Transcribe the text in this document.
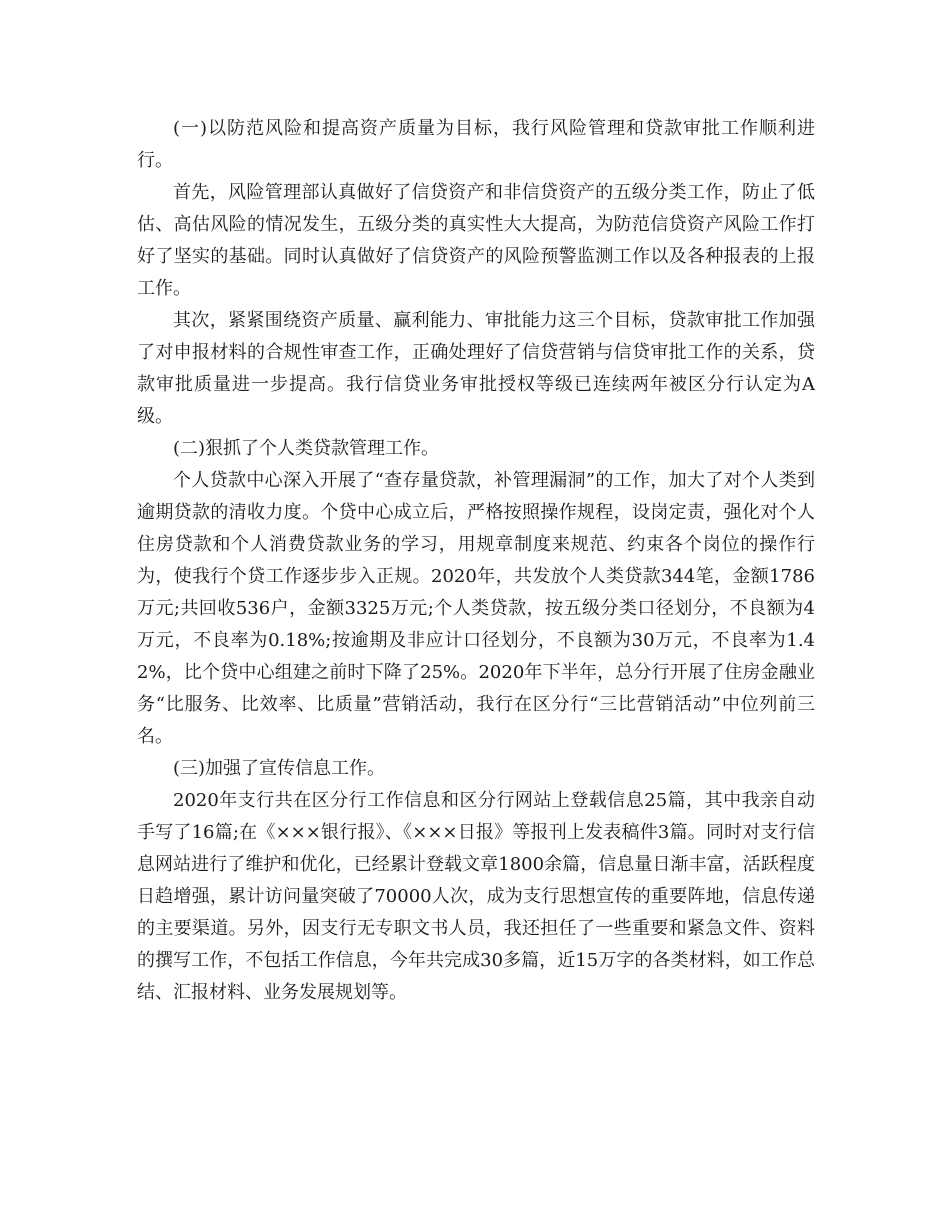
(一)以防范风险和提高资产质量为目标，我行风险管理和贷款审批工作顺利进行。

首先，风险管理部认真做好了信贷资产和非信贷资产的五级分类工作，防止了低估、高估风险的情况发生，五级分类的真实性大大提高，为防范信贷资产风险工作打好了坚实的基础。同时认真做好了信贷资产的风险预警监测工作以及各种报表的上报工作。

其次，紧紧围绕资产质量、赢利能力、审批能力这三个目标，贷款审批工作加强了对申报材料的合规性审查工作，正确处理好了信贷营销与信贷审批工作的关系，贷款审批质量进一步提高。我行信贷业务审批授权等级已连续两年被区分行认定为A级。

(二)狠抓了个人类贷款管理工作。

个人贷款中心深入开展了“查存量贷款，补管理漏洞”的工作，加大了对个人类到逾期贷款的清收力度。个贷中心成立后，严格按照操作规程，设岗定责，强化对个人住房贷款和个人消费贷款业务的学习，用规章制度来规范、约束各个岗位的操作行为，使我行个贷工作逐步步入正规。2020年，共发放个人类贷款344笔，金额1786万元;共回收536户，金额3325万元;个人类贷款，按五级分类口径划分，不良额为4万元，不良率为0.18%;按逾期及非应计口径划分，不良额为30万元，不良率为1.42%，比个贷中心组建之前时下降了25%。2020年下半年，总分行开展了住房金融业务“比服务、比效率、比质量”营销活动，我行在区分行“三比营销活动”中位列前三名。

(三)加强了宣传信息工作。

2020年支行共在区分行工作信息和区分行网站上登载信息25篇，其中我亲自动手写了16篇;在《×××银行报》、《×××日报》等报刊上发表稿件3篇。同时对支行信息网站进行了维护和优化，已经累计登载文章1800余篇，信息量日渐丰富，活跃程度日趋增强，累计访问量突破了70000人次，成为支行思想宣传的重要阵地，信息传递的主要渠道。另外，因支行无专职文书人员，我还担任了一些重要和紧急文件、资料的撰写工作，不包括工作信息，今年共完成30多篇，近15万字的各类材料，如工作总结、汇报材料、业务发展规划等。
